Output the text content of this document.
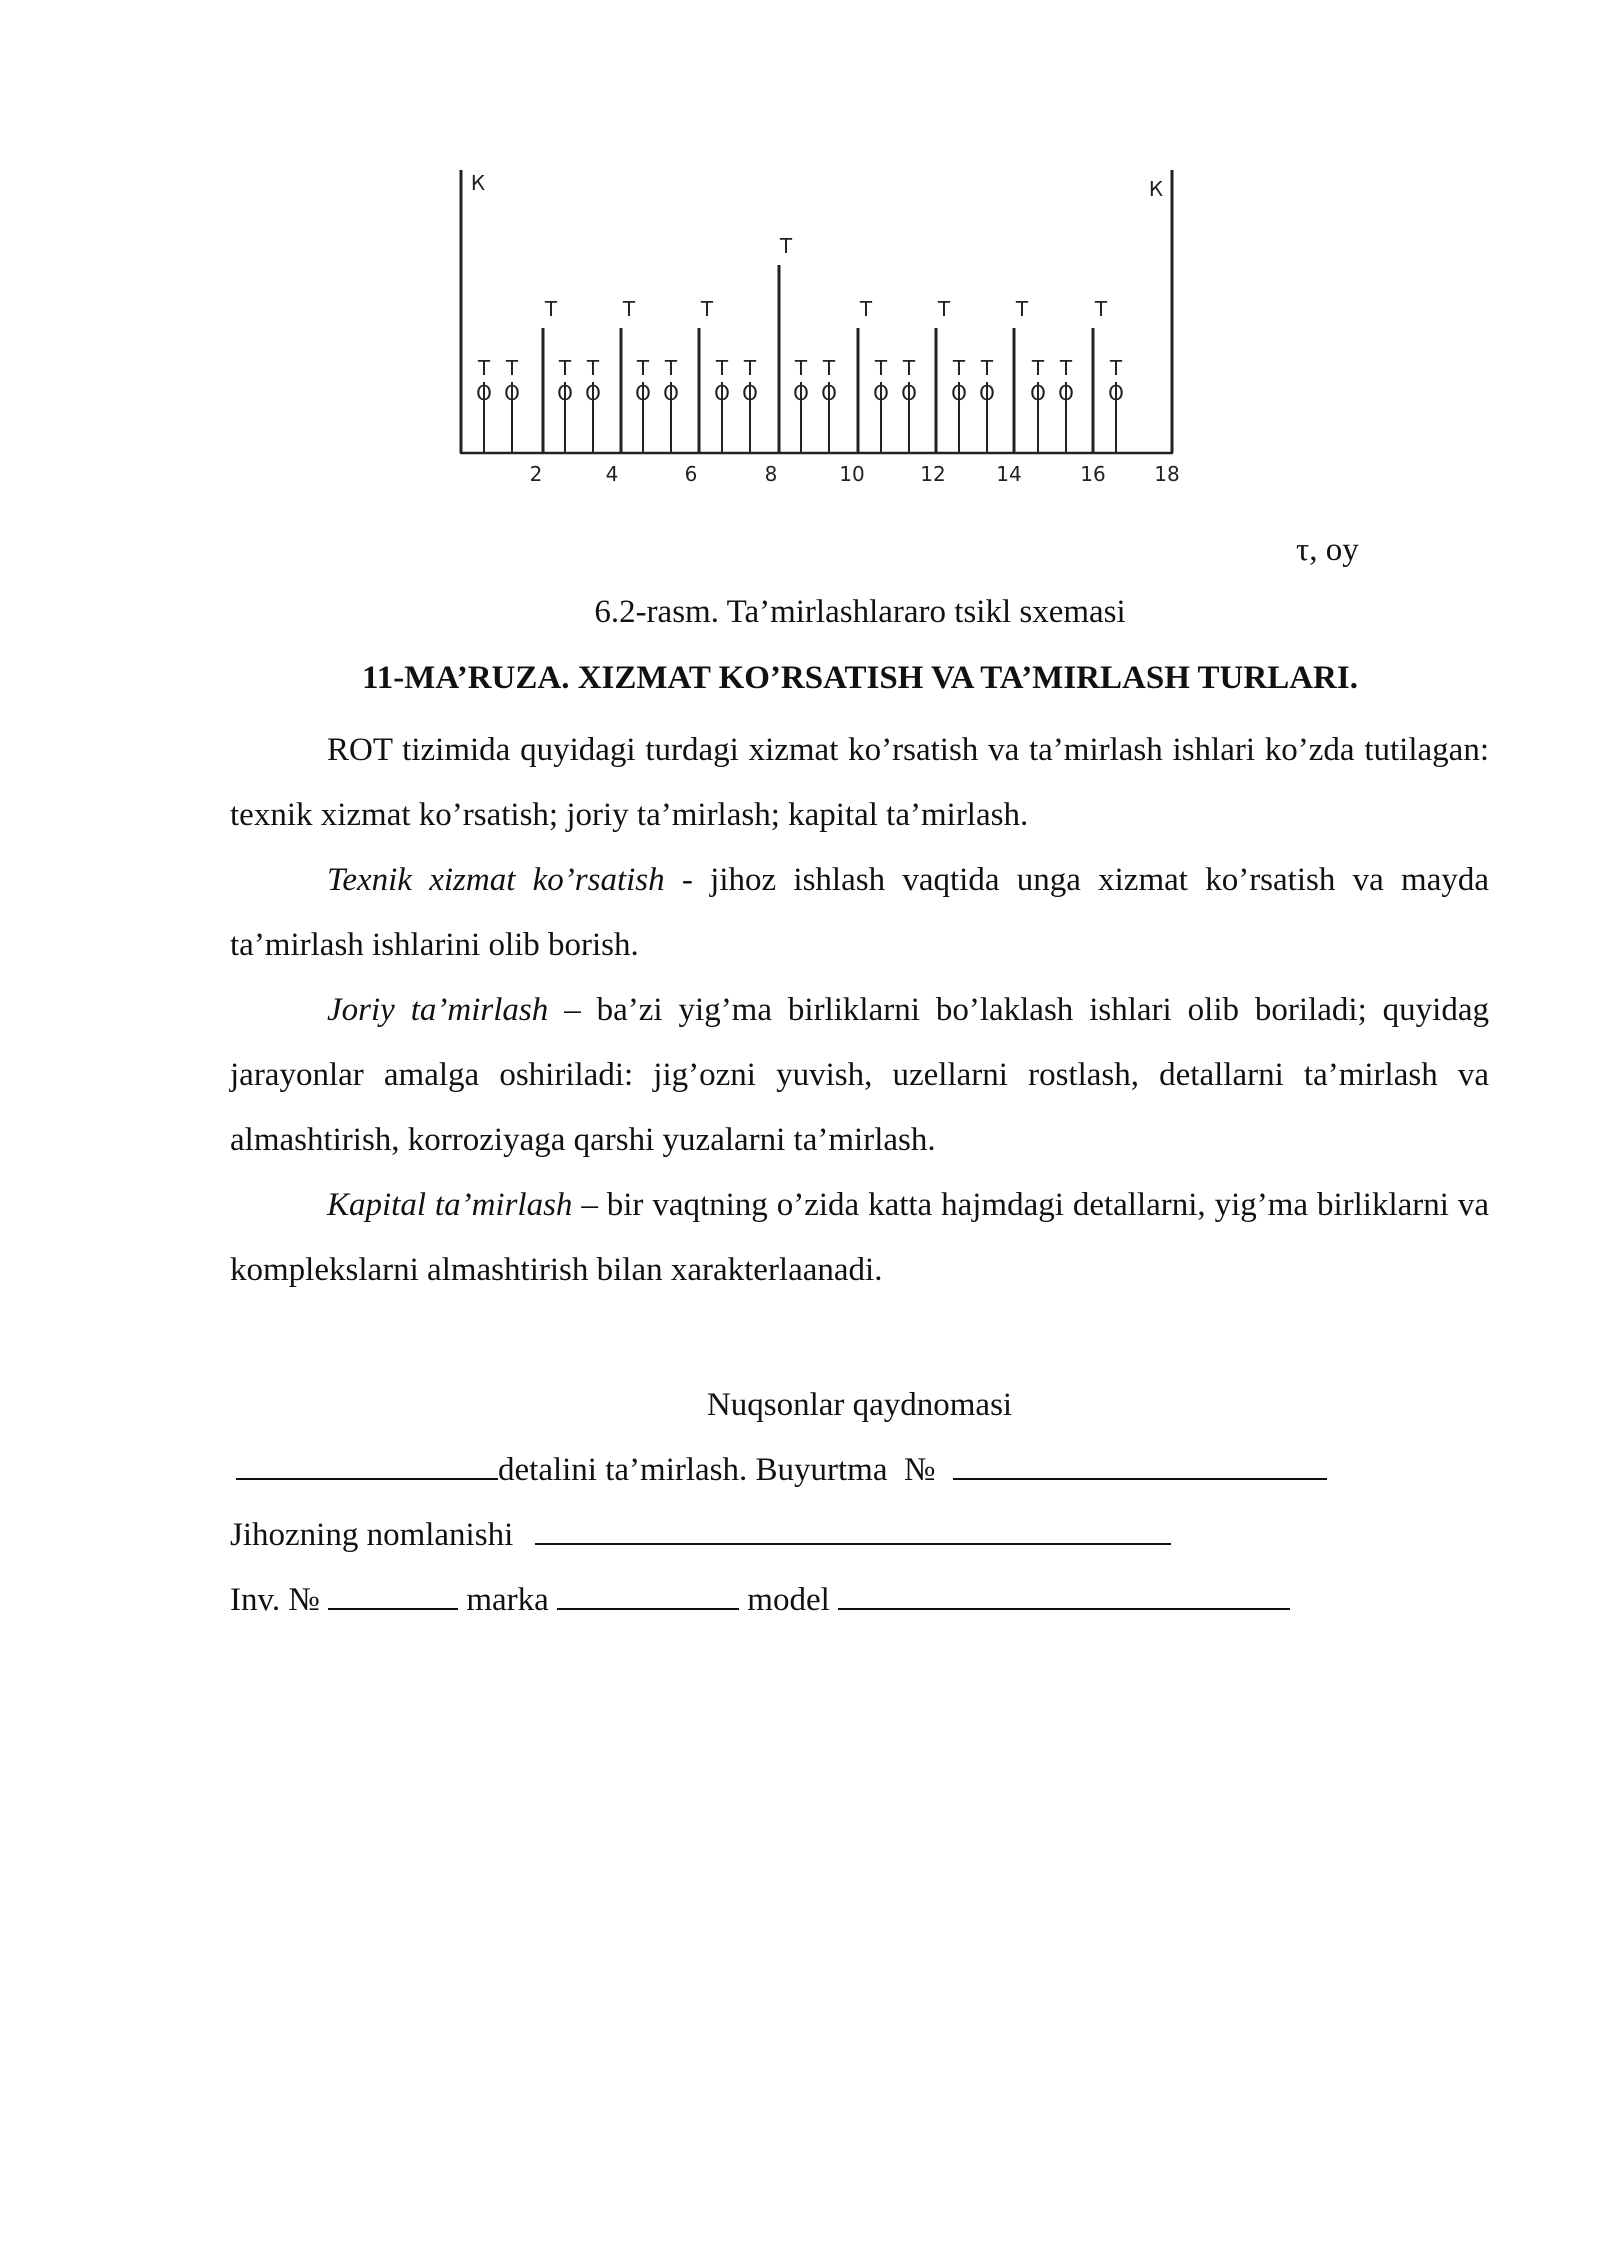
К	К
Т
Т	Т	Т	Т	Т	Т	Т
Т
О
Т
О
Т
О
Т
О
Т
О
Т
О
Т
О
Т
О
Т
О
Т
О
Т
О
Т
О
Т
О
Т
О
Т
О
Т
О
Т
О
2	4	6	8	10	12	14	16 18
τ, oy
6.2-rasm. Ta’mirlashlararo tsikl sxemasi
11-MA’RUZA. XIZMAT KO’RSATISH VA TA’MIRLASH TURLARI.

ROT tizimida quyidagi turdagi xizmat ko’rsatish va ta’mirlash ishlari ko’zda tutilagan: texnik xizmat ko’rsatish; joriy ta’mirlash; kapital ta’mirlash.

Texnik xizmat ko’rsatish - jihoz ishlash vaqtida unga xizmat ko’rsatish va mayda ta’mirlash ishlarini olib borish.

Joriy ta’mirlash – ba’zi yig’ma birliklarni bo’laklash ishlari olib boriladi; quyidag jarayonlar amalga oshiriladi: jig’ozni yuvish, uzellarni rostlash, detallarni ta’mirlash va almashtirish, korroziyaga qarshi yuzalarni ta’mirlash.

Kapital ta’mirlash – bir vaqtning o’zida katta hajmdagi detallarni, yig’ma birliklarni va komplekslarni almashtirish bilan xarakterlaanadi.

Nuqsonlar qaydnomasi
detalini ta’mirlash. Buyurtma  №
Jihozning nomlanishi
Inv. №	marka	model
